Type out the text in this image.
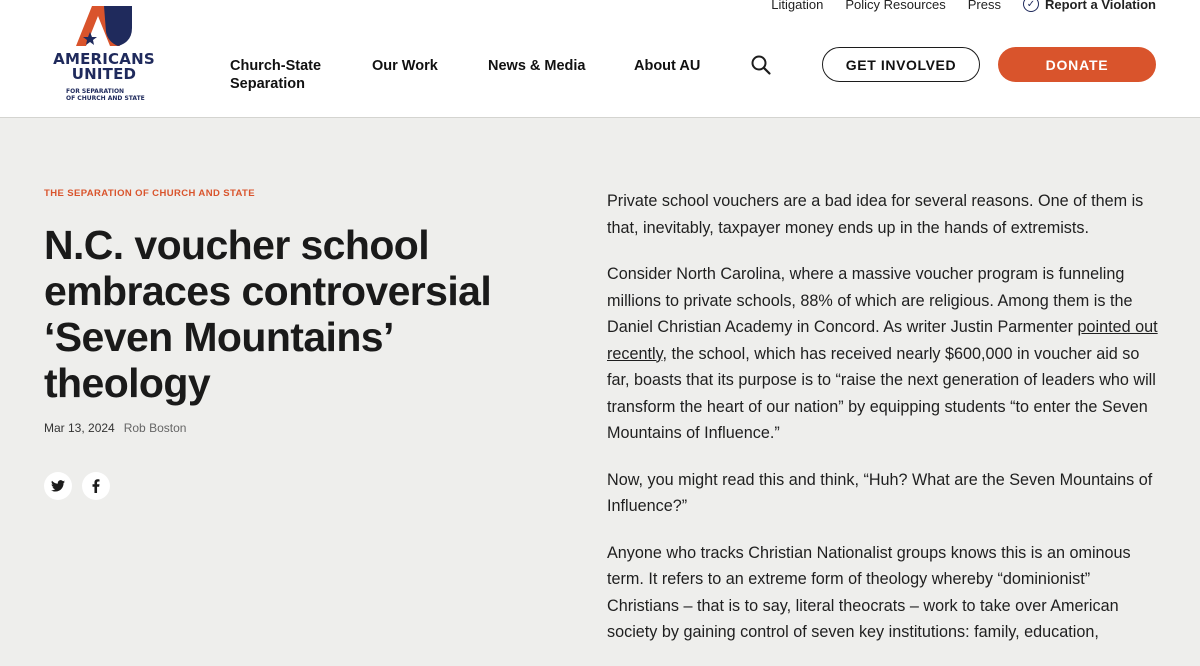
AMERICANS
UNITED
FOR SEPARATION
OF CHURCH AND STATE
Litigation Policy Resources Press	✓ Report a Violation
Church-State
Separation
Our Work	News & Media	About AU	GET INVOLVED	DONATE
THE SEPARATION OF CHURCH AND STATE
N.C. voucher school embraces controversial ‘Seven Mountains’ theology
Mar 13, 2024 Rob Boston

Private school vouchers are a bad idea for several reasons. One of them is that, inevitably, taxpayer money ends up in the hands of extremists.

Consider North Carolina, where a massive voucher program is funneling millions to private schools, 88% of which are religious. Among them is the Daniel Christian Academy in Concord. As writer Justin Parmenter pointed out recently, the school, which has received nearly $600,000 in voucher aid so far, boasts that its purpose is to “raise the next generation of leaders who will transform the heart of our nation” by equipping students “to enter the Seven Mountains of Influence.”

Now, you might read this and think, “Huh? What are the Seven Mountains of Influence?”

Anyone who tracks Christian Nationalist groups knows this is an ominous term. It refers to an extreme form of theology whereby “dominionist” Christians – that is to say, literal theocrats – work to take over American society by gaining control of seven key institutions: family, education,
